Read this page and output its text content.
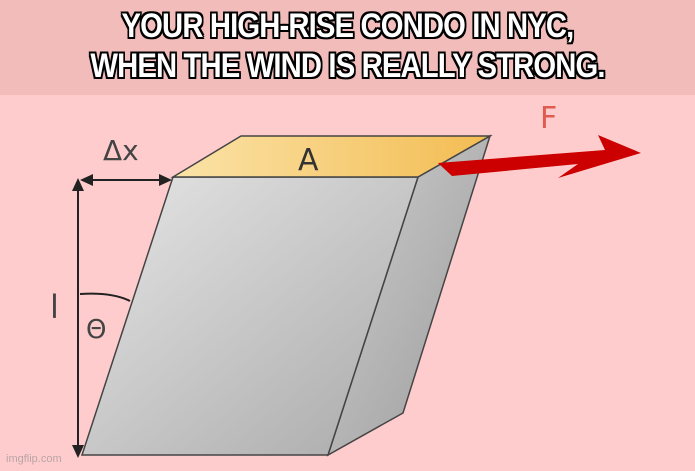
YOUR HIGH-RISE CONDO IN NYC,
WHEN THE WIND IS REALLY STRONG.
Δx	A
F
l
Θ
imgflip.com
